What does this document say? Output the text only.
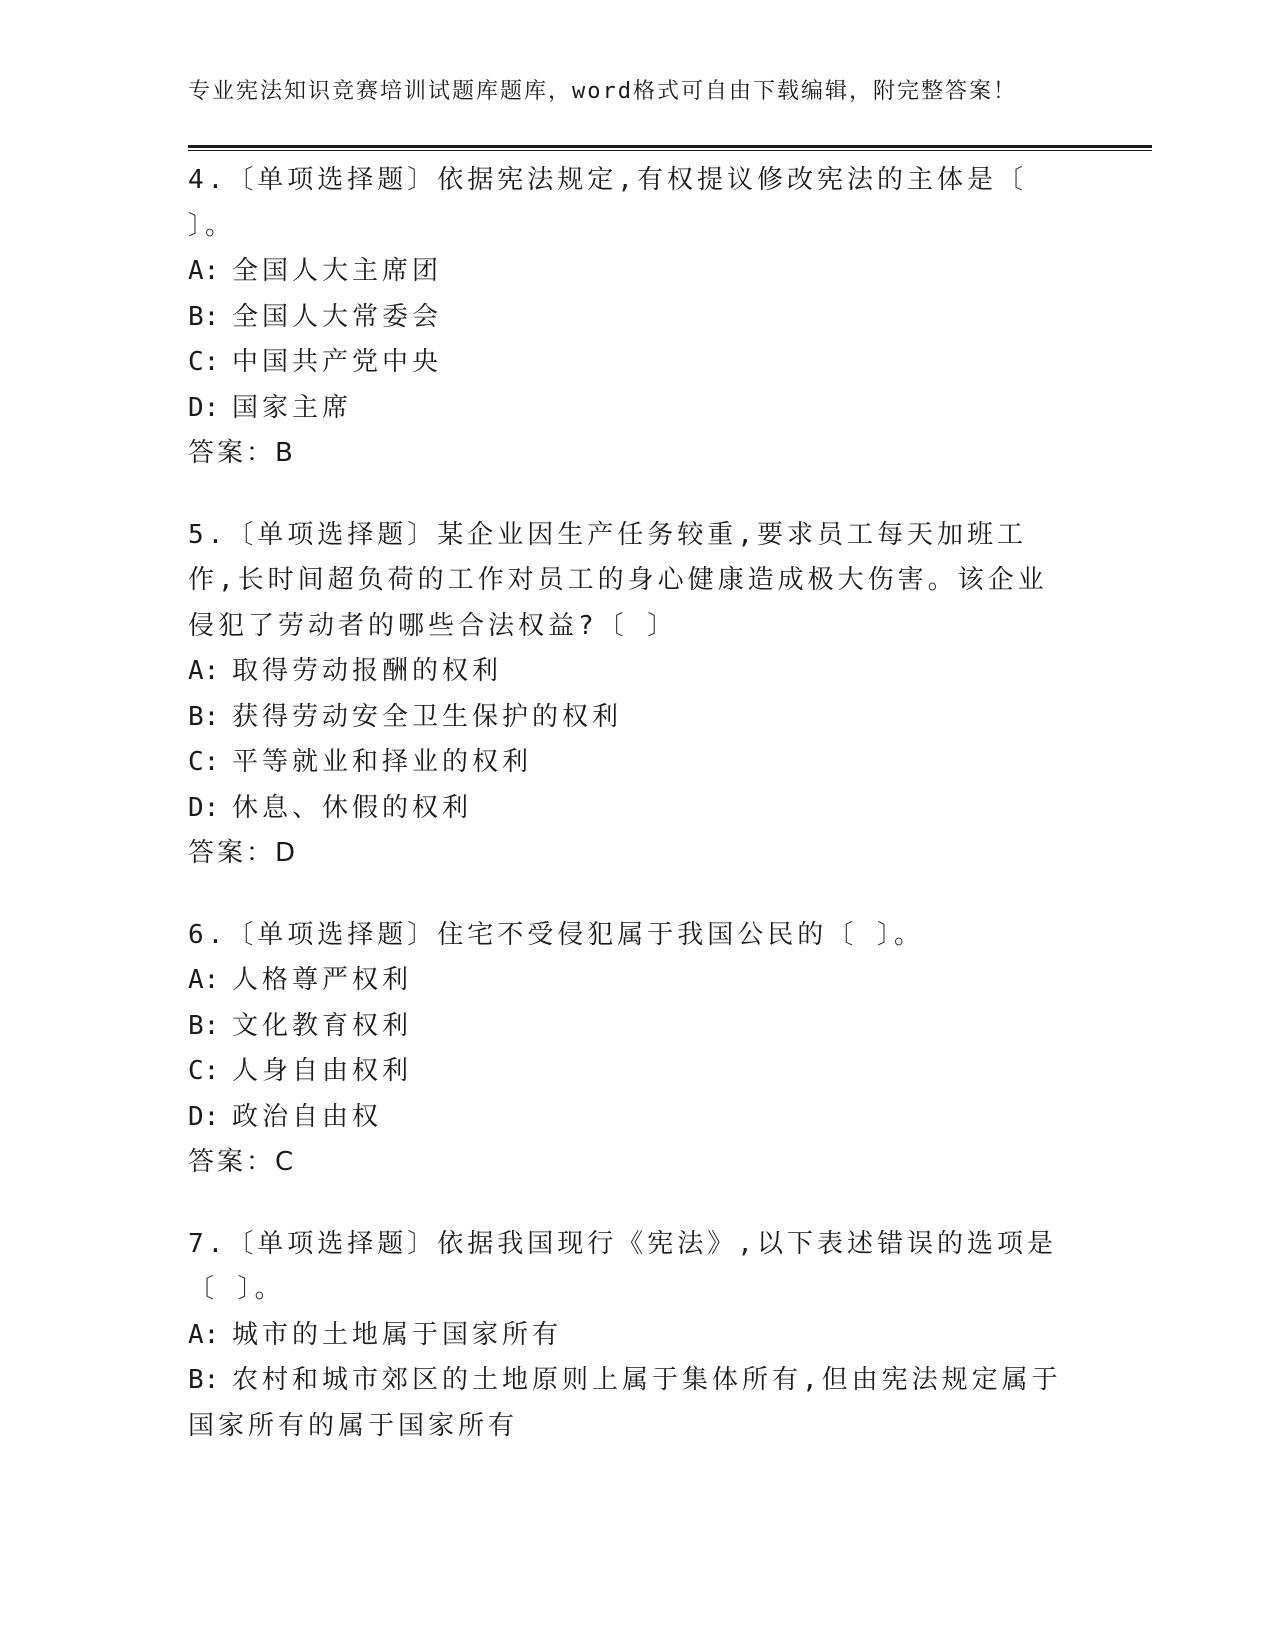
专业宪法知识竞赛培训试题库题库，word格式可自由下载编辑，附完整答案！
4.〔单项选择题〕依据宪法规定,有权提议修改宪法的主体是〔 〕。
A: 全国人大主席团
B: 全国人大常委会
C: 中国共产党中央
D: 国家主席
答案：B
5.〔单项选择题〕某企业因生产任务较重,要求员工每天加班工作,长时间超负荷的工作对员工的身心健康造成极大伤害。该企业侵犯了劳动者的哪些合法权益?〔 〕
A: 取得劳动报酬的权利
B: 获得劳动安全卫生保护的权利
C: 平等就业和择业的权利
D: 休息、休假的权利
答案：D
6.〔单项选择题〕住宅不受侵犯属于我国公民的〔 〕。
A: 人格尊严权利
B: 文化教育权利
C: 人身自由权利
D: 政治自由权
答案：C
7.〔单项选择题〕依据我国现行《宪法》,以下表述错误的选项是〔 〕。
A: 城市的土地属于国家所有
B: 农村和城市郊区的土地原则上属于集体所有,但由宪法规定属于国家所有的属于国家所有
